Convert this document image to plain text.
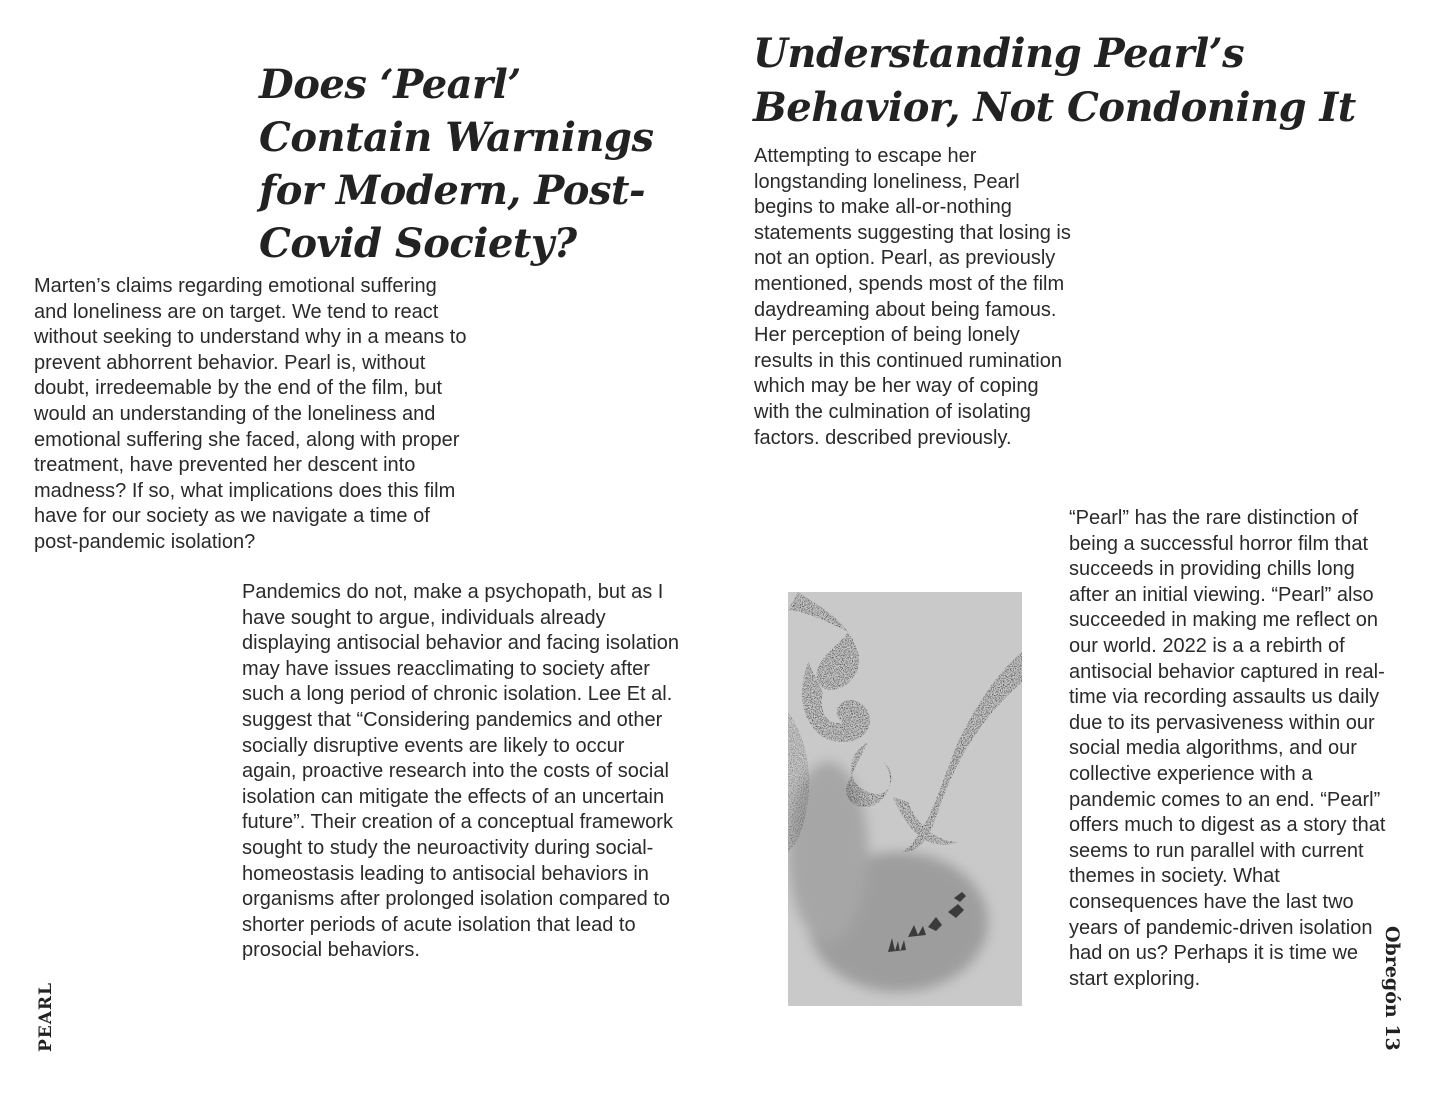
Does ‘Pearl’ Contain Warnings for Modern, Post-Covid Society?

Marten’s claims regarding emotional suffering and loneliness are on target. We tend to react without seeking to understand why in a means to prevent abhorrent behavior. Pearl is, without doubt, irredeemable by the end of the film, but would an understanding of the loneliness and emotional suffering she faced, along with proper treatment, have prevented her descent into madness? If so, what implications does this film have for our society as we navigate a time of post-pandemic isolation?

Pandemics do not, make a psychopath, but as I have sought to argue, individuals already displaying antisocial behavior and facing isolation may have issues reacclimating to society after such a long period of chronic isolation. Lee Et al. suggest that “Considering pandemics and other socially disruptive events are likely to occur again, proactive research into the costs of social isolation can mitigate the effects of an uncertain future”. Their creation of a conceptual framework sought to study the neuroactivity during social-homeostasis leading to antisocial behaviors in organisms after prolonged isolation compared to shorter periods of acute isolation that lead to prosocial behaviors.

PEARL
Understanding Pearl’s Behavior, Not Condoning It

Attempting to escape her longstanding loneliness, Pearl begins to make all-or-nothing statements suggesting that losing is not an option. Pearl, as previously mentioned, spends most of the film daydreaming about being famous. Her perception of being lonely results in this continued rumination which may be her way of coping with the culmination of isolating factors. described previously.

“Pearl” has the rare distinction of being a successful horror film that succeeds in providing chills long after an initial viewing. “Pearl” also succeeded in making me reflect on our world. 2022 is a a rebirth of antisocial behavior captured in real-time via recording assaults us daily due to its pervasiveness within our social media algorithms, and our collective experience with a pandemic comes to an end. “Pearl” offers much to digest as a story that seems to run parallel with current themes in society. What consequences have the last two years of pandemic-driven isolation had on us? Perhaps it is time we start exploring.	Obregón 13
